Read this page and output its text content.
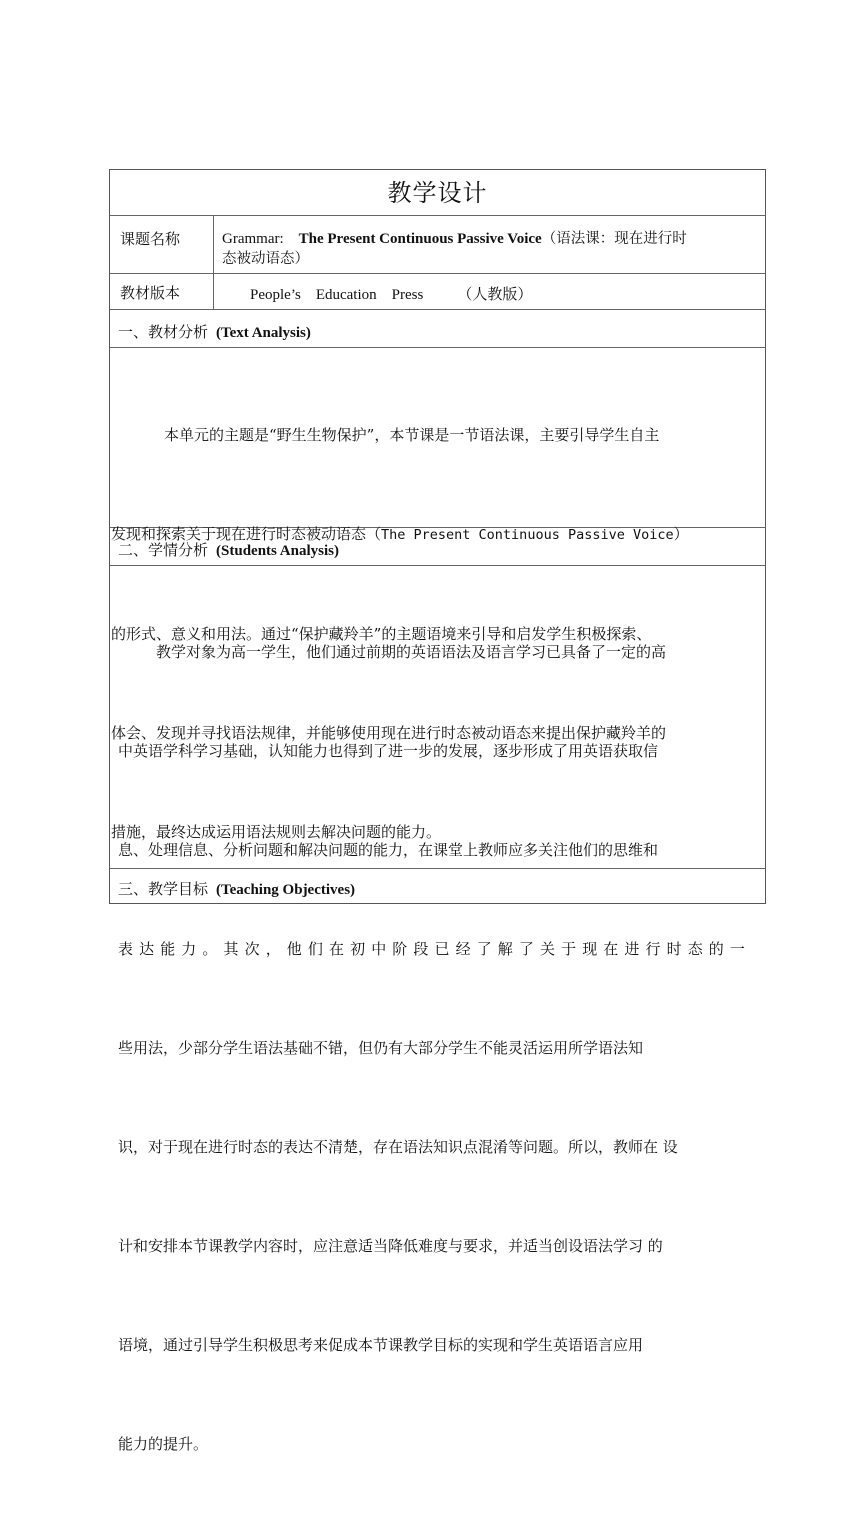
教学设计
课题名称	Grammar: The Present Continuous Passive Voice（语法课：现在进行时
态被动语态）
教材版本	People’s    Education    Press （人教版）
一、教材分析 (Text Analysis)

本单元的主题是“野生生物保护”，本节课是一节语法课，主要引导学生自主

发现和探索关于现在进行时态被动语态（The Present Continuous Passive Voice）

的形式、意义和用法。通过“保护藏羚羊”的主题语境来引导和启发学生积极探索、

体会、发现并寻找语法规律，并能够使用现在进行时态被动语态来提出保护藏羚羊的

措施，最终达成运用语法规则去解决问题的能力。

二、学情分析 (Students Analysis)

教学对象为高一学生，他们通过前期的英语语法及语言学习已具备了一定的高

中英语学科学习基础，认知能力也得到了进一步的发展，逐步形成了用英语获取信

息、处理信息、分析问题和解决问题的能力，在课堂上教师应多关注他们的思维和

表达能力。其次，他们在初中阶段已经了解了关于现在进行时态的一

些用法，少部分学生语法基础不错，但仍有大部分学生不能灵活运用所学语法知

识，对于现在进行时态的表达不清楚，存在语法知识点混淆等问题。所以，教师在 设

计和安排本节课教学内容时，应注意适当降低难度与要求，并适当创设语法学习 的

语境，通过引导学生积极思考来促成本节课教学目标的实现和学生英语语言应用

能力的提升。

三、教学目标 (Teaching Objectives)
